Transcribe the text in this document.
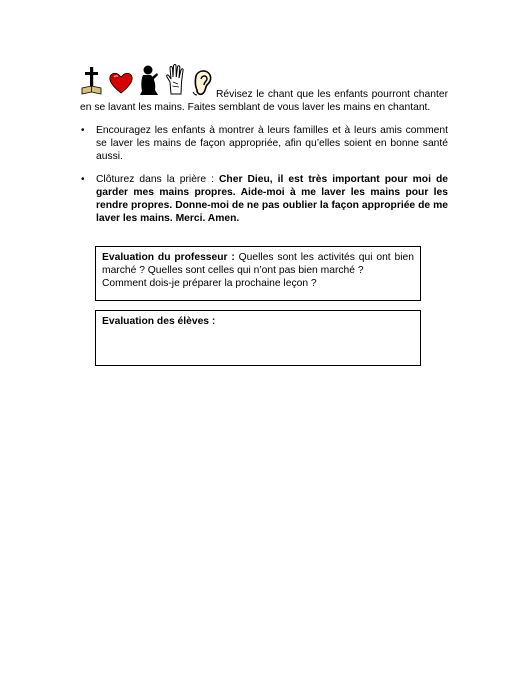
Révisez le chant que les enfants pourront chanter en se lavant les mains. Faites semblant de vous laver les mains en chantant.
• Encouragez les enfants à montrer à leurs familles et à leurs amis comment se laver les mains de façon appropriée, afin qu’elles soient en bonne santé aussi.
• Clôturez dans la prière : Cher Dieu, il est très important pour moi de garder mes mains propres. Aide-moi à me laver les mains pour les rendre propres. Donne-moi de ne pas oublier la façon appropriée de me laver les mains. Merci. Amen.
Evaluation du professeur : Quelles sont les activités qui ont bien marché ? Quelles sont celles qui n’ont pas bien marché ?
Comment dois-je préparer la prochaine leçon ?
Evaluation des élèves :
